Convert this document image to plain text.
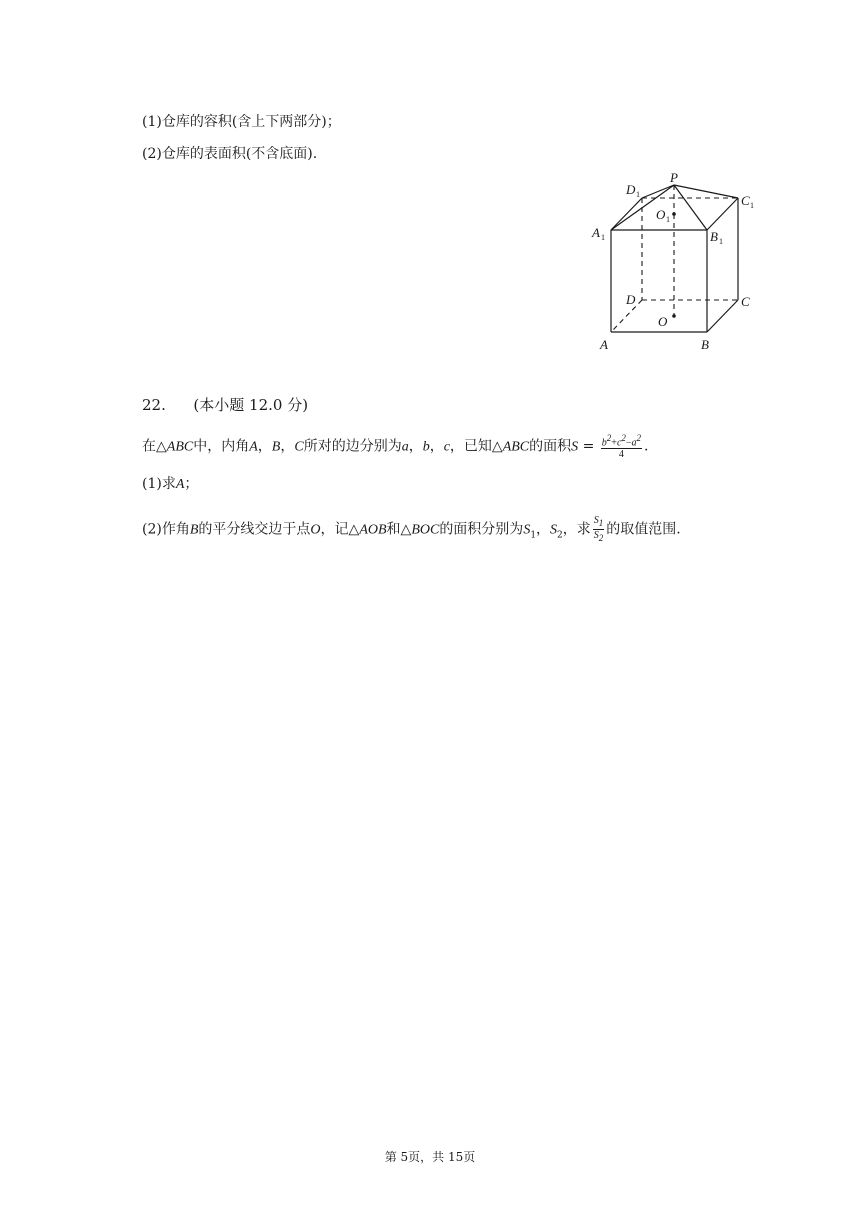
(1)仓库的容积(含上下两部分)；
(2)仓库的表面积(不含底面).
P
D 1	C 1
O 1
A 1	B 1
D	C
O
A	B
22. (本小题 12.0 分)
在△ABC中，内角A，B，C所对的边分别为a，b，c，已知△ABC的面积$S = \frac{b^2+c^2-a^2}{4}$ .
(1)求A；
(2)作角B的平分线交边于点O，记△AOB和△BOC的面积分别为$S_1$，$S_2$，求 $\frac{S_1}{S_2}$ 的取值范围.
第 5页，共 15页
